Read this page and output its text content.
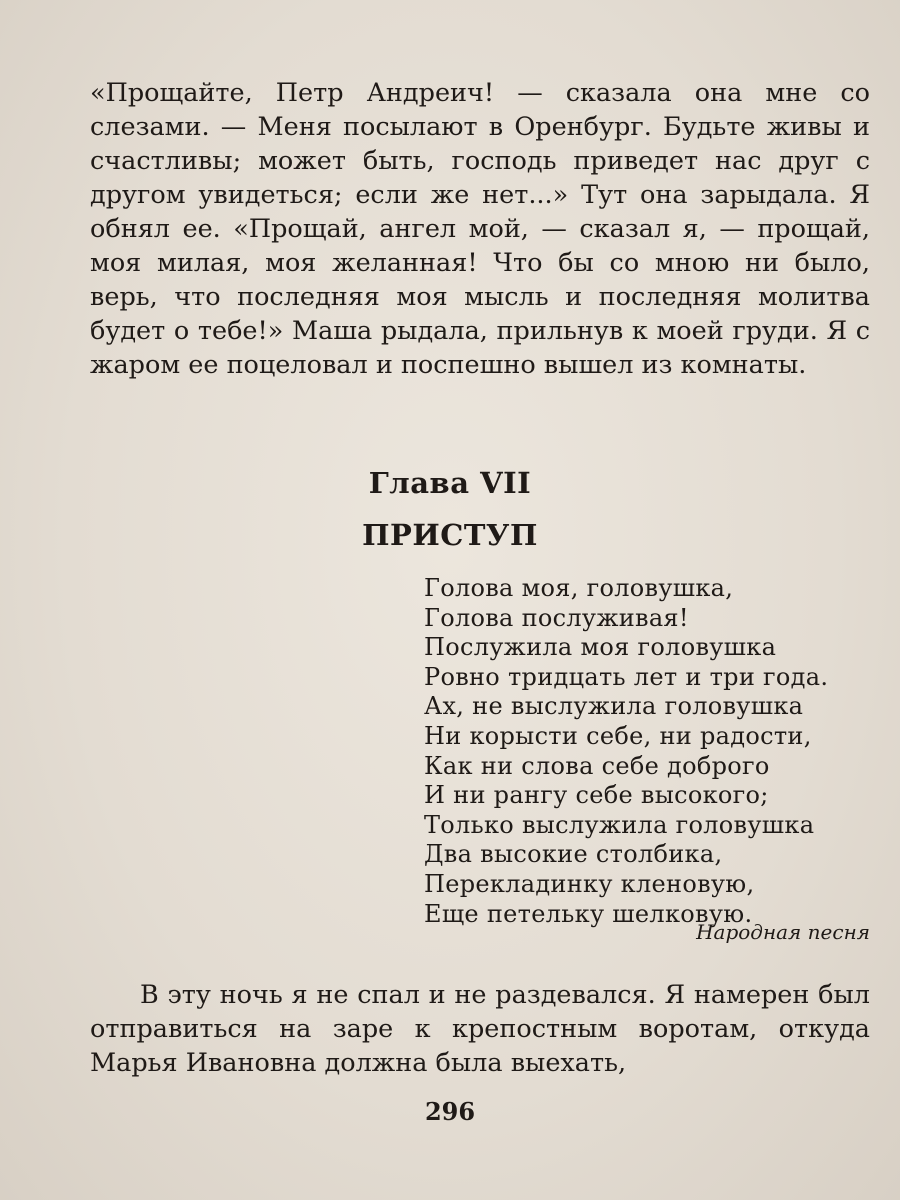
«Прощайте, Петр Андреич! — сказала она мне со слезами. — Меня посылают в Оренбург. Будьте живы и счастливы; может быть, господь приведет нас друг с другом увидеться; если же нет...» Тут она зарыдала. Я обнял ее. «Прощай, ангел мой, — сказал я, — прощай, моя милая, моя желанная! Что бы со мною ни было, верь, что последняя моя мысль и последняя молитва будет о тебе!» Маша рыдала, прильнув к моей груди. Я с жаром ее поцеловал и поспешно вышел из комнаты.

Глава VII
ПРИСТУП
Голова моя, головушка,
Голова послуживая!
Послужила моя головушка
Ровно тридцать лет и три года.
Ах, не выслужила головушка
Ни корысти себе, ни радости,
Как ни слова себе доброго
И ни рангу себе высокого;
Только выслужила головушка
Два высокие столбика,
Перекладинку кленовую,
Еще петельку шелковую.

Народная песня

В эту ночь я не спал и не раздевался. Я намерен был отправиться на заре к крепостным воротам, откуда Марья Ивановна должна была выехать,

296
